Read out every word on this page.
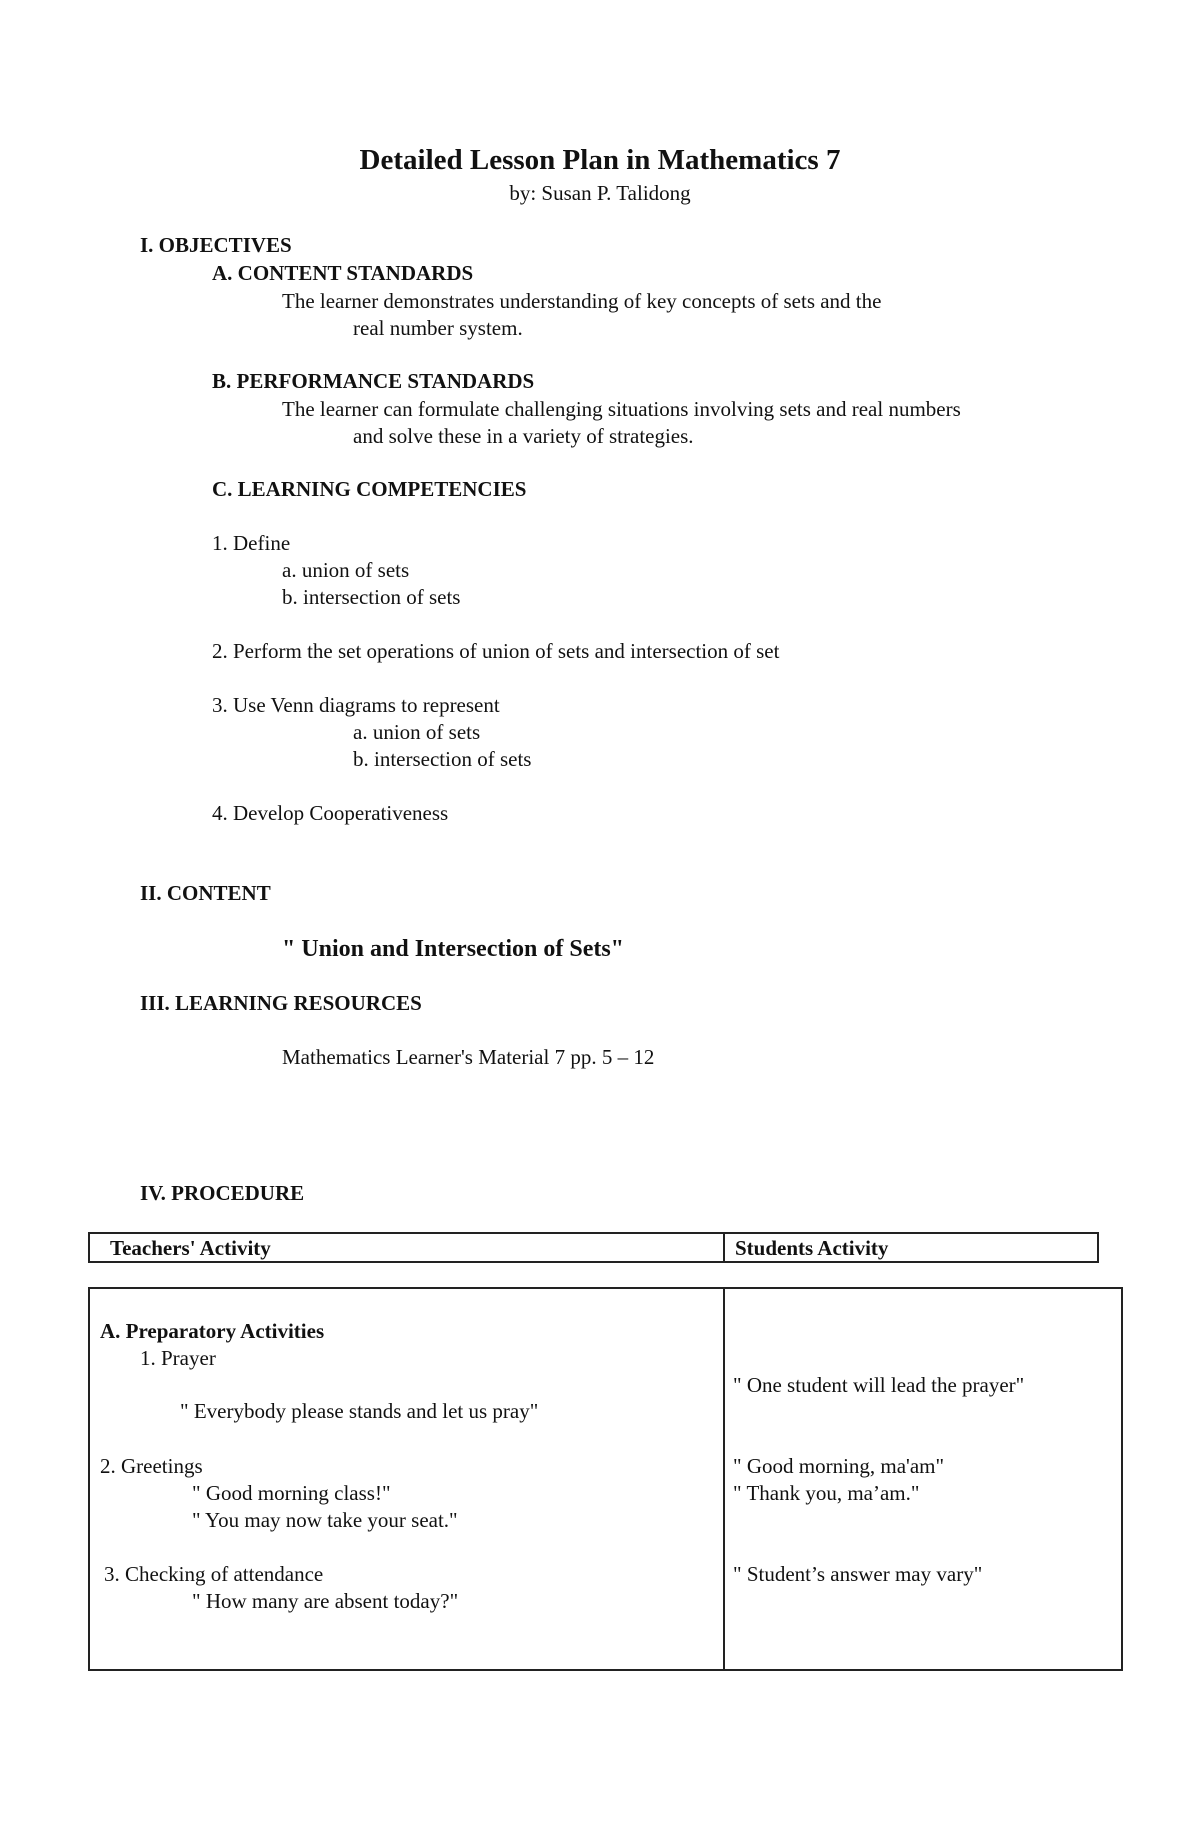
Detailed Lesson Plan in Mathematics 7
by: Susan P. Talidong
I. OBJECTIVES
A. CONTENT STANDARDS
The learner demonstrates understanding of key concepts of sets and the
real number system.
B. PERFORMANCE STANDARDS
The learner can formulate challenging situations involving sets and real numbers
and solve these in a variety of strategies.
C. LEARNING COMPETENCIES
1. Define
a. union of sets
b. intersection of sets
2. Perform the set operations of union of sets and intersection of set
3. Use Venn diagrams to represent
a. union of sets
b. intersection of sets
4. Develop Cooperativeness
II. CONTENT
" Union and Intersection of Sets"
III. LEARNING RESOURCES
Mathematics Learner's Material 7 pp. 5 – 12
IV. PROCEDURE
Teachers' Activity	Students Activity
A. Preparatory Activities
1. Prayer
" Everybody please stands and let us pray"
" One student will lead the prayer"
2. Greetings
" Good morning class!"
" You may now take your seat."
" Good morning, ma'am"
" Thank you, ma’am."
3. Checking of attendance
" How many are absent today?"
" Student’s answer may vary"
